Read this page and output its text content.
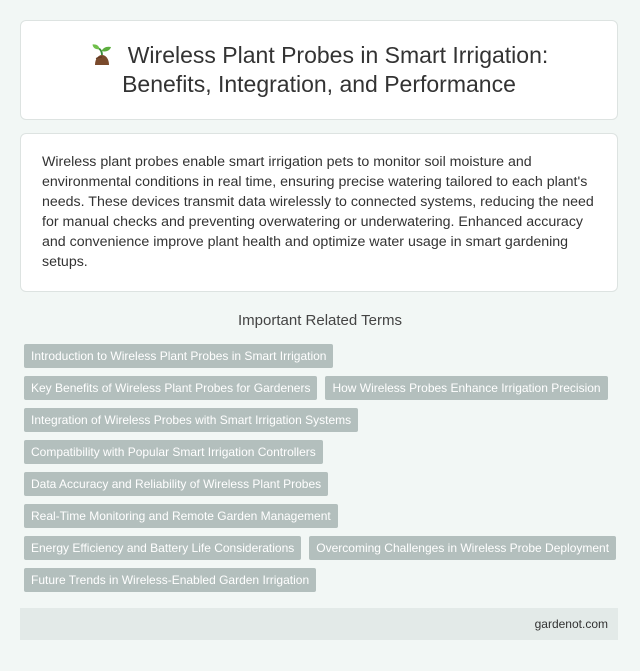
Wireless Plant Probes in Smart Irrigation:
Benefits, Integration, and Performance

Wireless plant probes enable smart irrigation pets to monitor soil moisture and environmental conditions in real time, ensuring precise watering tailored to each plant's needs. These devices transmit data wirelessly to connected systems, reducing the need for manual checks and preventing overwatering or underwatering. Enhanced accuracy and convenience improve plant health and optimize water usage in smart gardening setups.

Important Related Terms
Introduction to Wireless Plant Probes in Smart Irrigation
Key Benefits of Wireless Plant Probes for Gardeners	How Wireless Probes Enhance Irrigation Precision
Integration of Wireless Probes with Smart Irrigation Systems
Compatibility with Popular Smart Irrigation Controllers
Data Accuracy and Reliability of Wireless Plant Probes
Real-Time Monitoring and Remote Garden Management
Energy Efficiency and Battery Life Considerations	Overcoming Challenges in Wireless Probe Deployment
Future Trends in Wireless-Enabled Garden Irrigation
gardenot.com
